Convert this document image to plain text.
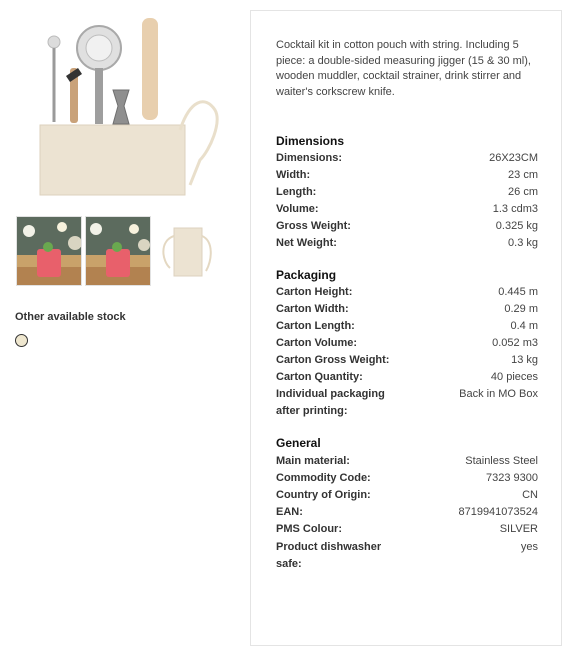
Other available stock
Cocktail kit in cotton pouch with string. Including 5 piece: a double-sided measuring jigger (15 & 30 ml), wooden muddler, cocktail strainer, drink stirrer and waiter's corkscrew knife.
Dimensions
Dimensions:	26X23CM
Width:	23 cm
Length:	26 cm
Volume:	1.3 cdm3
Gross Weight:	0.325 kg
Net Weight:	0.3 kg
Packaging
Carton Height:	0.445 m
Carton Width:	0.29 m
Carton Length:	0.4 m
Carton Volume:	0.052 m3
Carton Gross Weight:	13 kg
Carton Quantity:	40 pieces
Individual packaging after printing:
Back in MO Box
General
Main material:	Stainless Steel
Commodity Code:	7323 9300
Country of Origin:	CN
EAN:	8719941073524
PMS Colour:	SILVER
Product dishwasher safe:
yes
